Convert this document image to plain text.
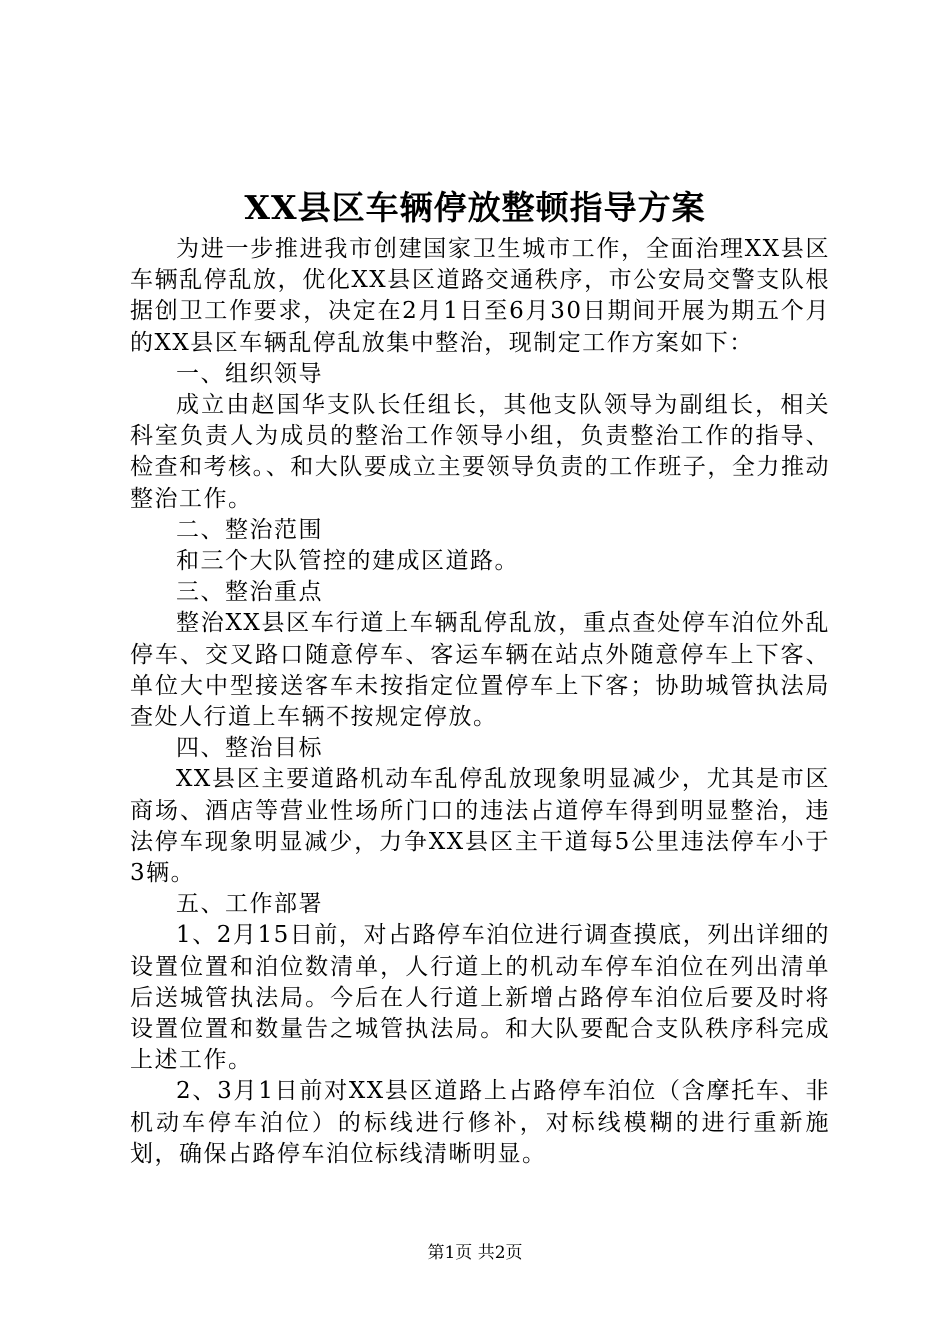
XX县区车辆停放整顿指导方案

为进一步推进我市创建国家卫生城市工作，全面治理XX县区车辆乱停乱放，优化XX县区道路交通秩序，市公安局交警支队根据创卫工作要求，决定在2月1日至6月30日期间开展为期五个月的XX县区车辆乱停乱放集中整治，现制定工作方案如下：

一、组织领导

成立由赵国华支队长任组长，其他支队领导为副组长，相关科室负责人为成员的整治工作领导小组，负责整治工作的指导、检查和考核。、和大队要成立主要领导负责的工作班子，全力推动整治工作。

二、整治范围

和三个大队管控的建成区道路。

三、整治重点

整治XX县区车行道上车辆乱停乱放，重点查处停车泊位外乱停车、交叉路口随意停车、客运车辆在站点外随意停车上下客、单位大中型接送客车未按指定位置停车上下客；协助城管执法局查处人行道上车辆不按规定停放。

四、整治目标

XX县区主要道路机动车乱停乱放现象明显减少，尤其是市区商场、酒店等营业性场所门口的违法占道停车得到明显整治，违法停车现象明显减少，力争XX县区主干道每5公里违法停车小于3辆。

五、工作部署

1、2月15日前，对占路停车泊位进行调查摸底，列出详细的设置位置和泊位数清单，人行道上的机动车停车泊位在列出清单后送城管执法局。今后在人行道上新增占路停车泊位后要及时将设置位置和数量告之城管执法局。和大队要配合支队秩序科完成上述工作。

2、3月1日前对XX县区道路上占路停车泊位（含摩托车、非机动车停车泊位）的标线进行修补，对标线模糊的进行重新施划，确保占路停车泊位标线清晰明显。

第1页 共2页
